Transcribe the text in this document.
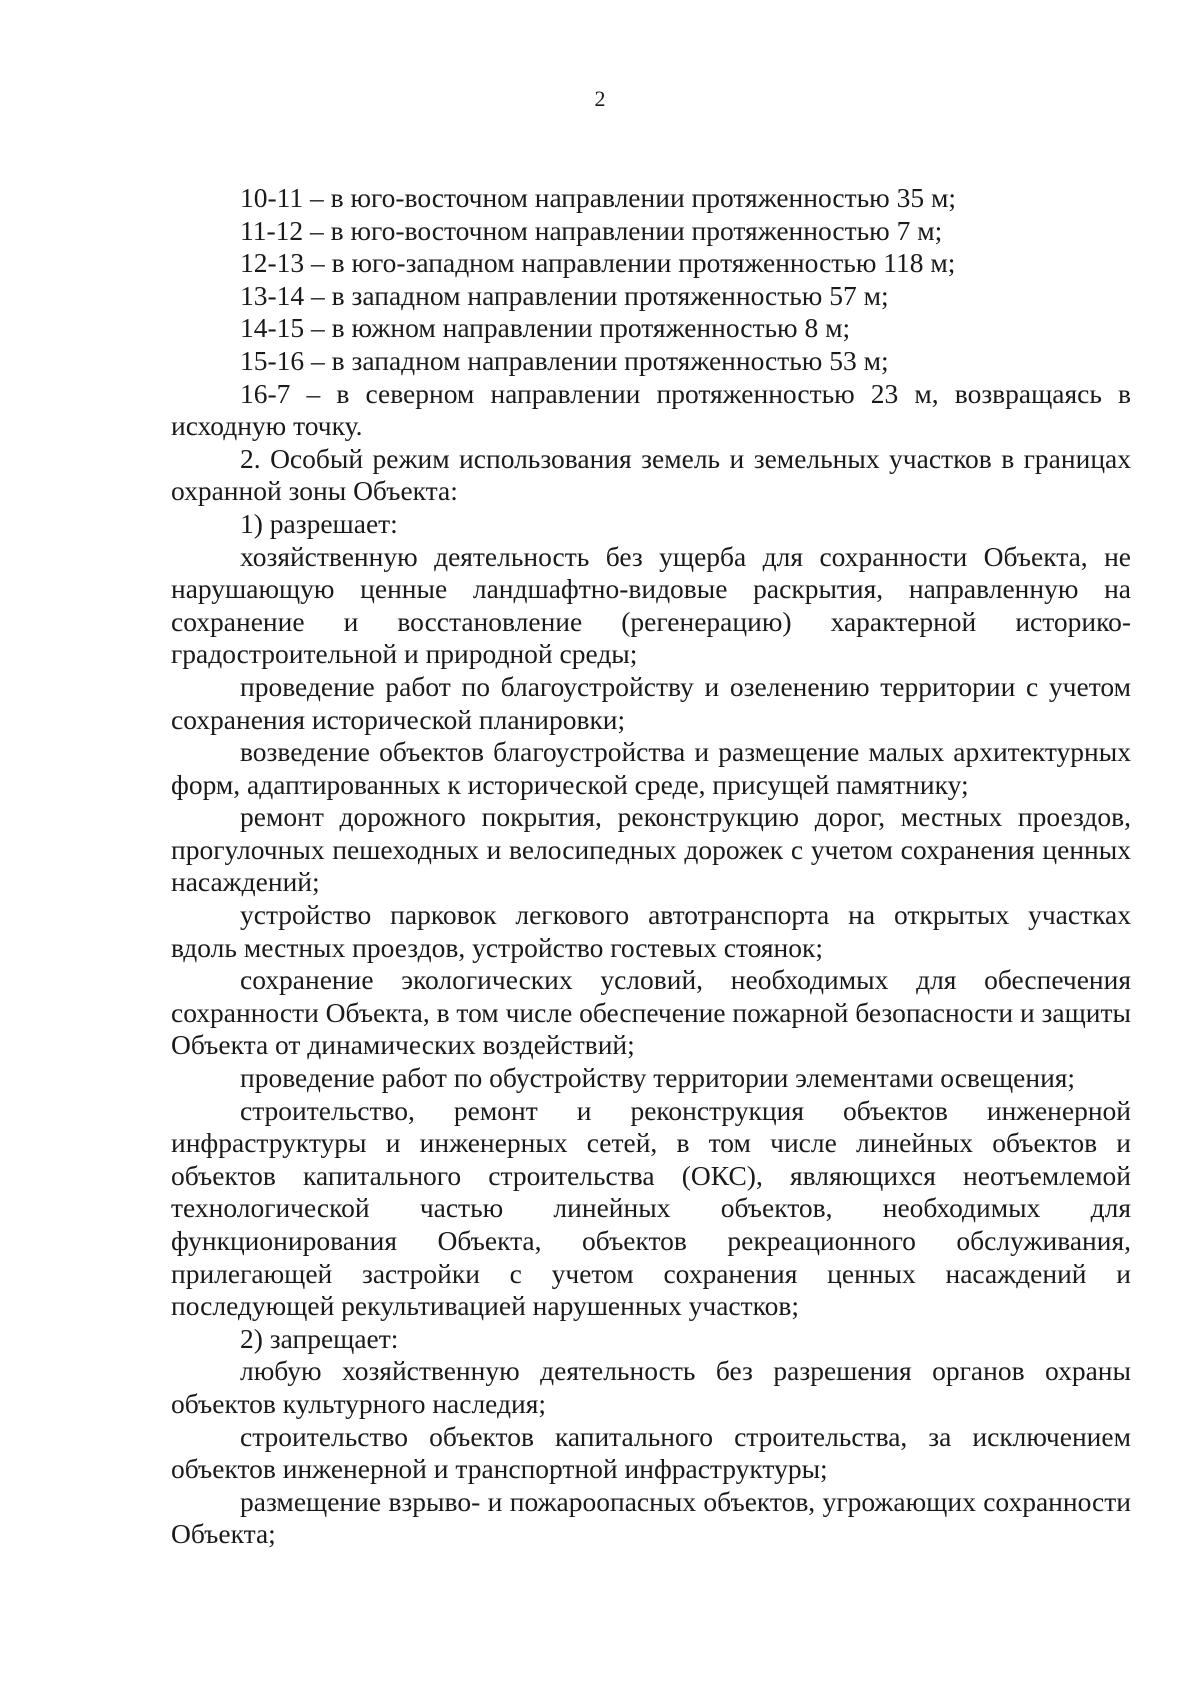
2

10-11 – в юго-восточном направлении протяженностью 35 м;

11-12 – в юго-восточном направлении протяженностью 7 м;

12-13 – в юго-западном направлении протяженностью 118 м;

13-14 – в западном направлении протяженностью 57 м;

14-15 – в южном направлении протяженностью 8 м;

15-16 – в западном направлении протяженностью 53 м;

16-7 – в северном направлении протяженностью 23 м, возвращаясь в исходную точку.

2. Особый режим использования земель и земельных участков в границах охранной зоны Объекта:

1) разрешает:

хозяйственную деятельность без ущерба для сохранности Объекта, не нарушающую ценные ландшафтно-видовые раскрытия, направленную на сохранение и восстановление (регенерацию) характерной историко-градостроительной и природной среды;

проведение работ по благоустройству и озеленению территории с учетом сохранения исторической планировки;

возведение объектов благоустройства и размещение малых архитектурных форм, адаптированных к исторической среде, присущей памятнику;

ремонт дорожного покрытия, реконструкцию дорог, местных проездов, прогулочных пешеходных и велосипедных дорожек с учетом сохранения ценных насаждений;

устройство парковок легкового автотранспорта на открытых участках вдоль местных проездов, устройство гостевых стоянок;

сохранение экологических условий, необходимых для обеспечения сохранности Объекта, в том числе обеспечение пожарной безопасности и защиты Объекта от динамических воздействий;

проведение работ по обустройству территории элементами освещения;

строительство, ремонт и реконструкция объектов инженерной инфраструктуры и инженерных сетей, в том числе линейных объектов и объектов капитального строительства (ОКС), являющихся неотъемлемой технологической частью линейных объектов, необходимых для функционирования Объекта, объектов рекреационного обслуживания, прилегающей застройки с учетом сохранения ценных насаждений и последующей рекультивацией нарушенных участков;

2) запрещает:

любую хозяйственную деятельность без разрешения органов охраны объектов культурного наследия;

строительство объектов капитального строительства, за исключением объектов инженерной и транспортной инфраструктуры;

размещение взрыво- и пожароопасных объектов, угрожающих сохранности Объекта;
